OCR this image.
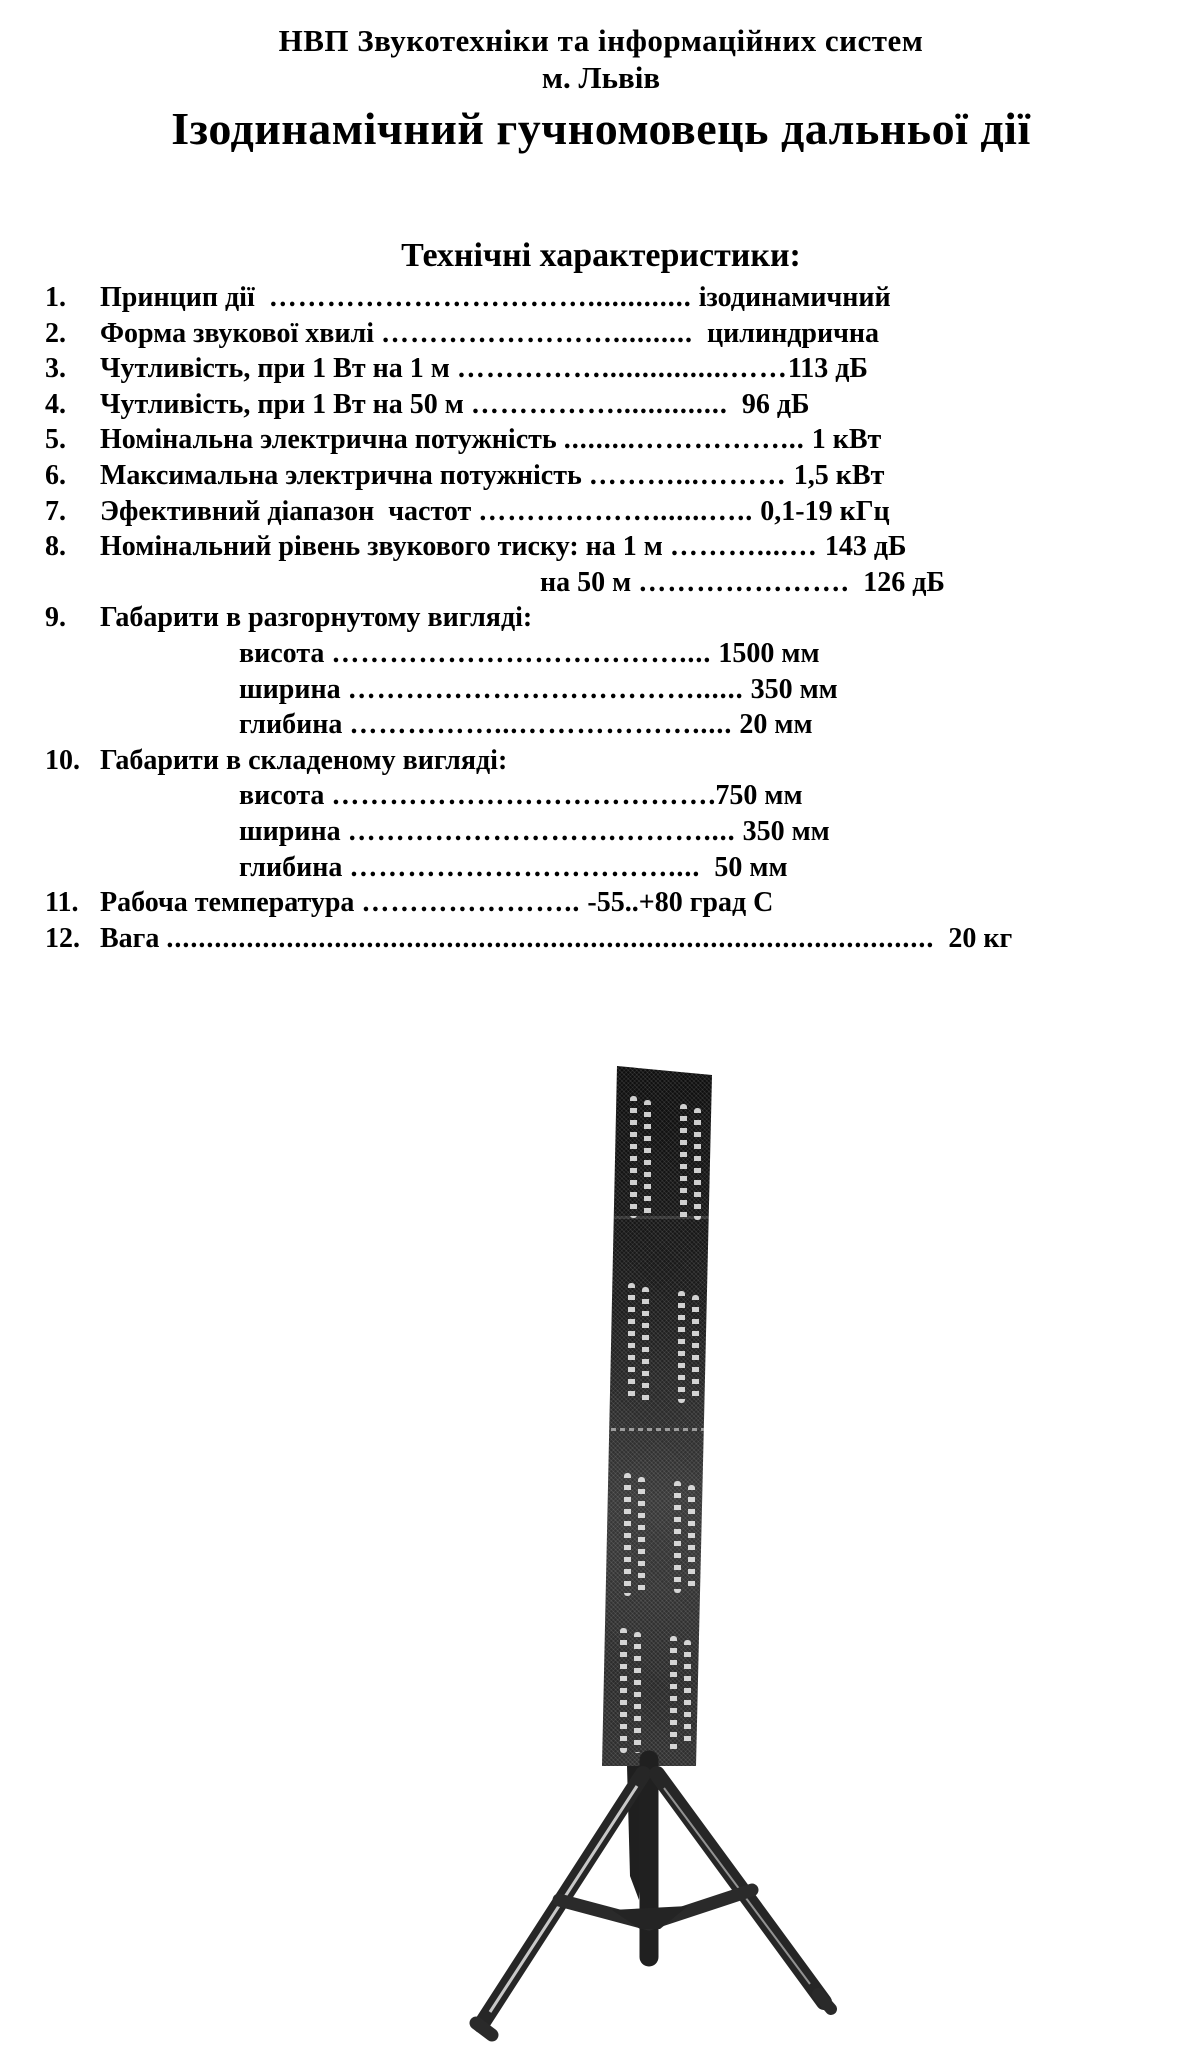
НВП Звукотехніки та інформаційних систем
м. Львів
Ізодинамічний гучномовець дальньої дії
Технічні характеристики:
1.	Принцип дії  ……………………………............. ізодинамичний
2.	Форма звукової хвилі ……………………..........  цилиндрична
3.	Чутливість, при 1 Вт на 1 м ……………................……113 дБ
4.	Чутливість, при 1 Вт на 50 м ……………..............  96 дБ
5.	Номінальна электрична потужність .........……………... 1 кВт
6.	Максимальна электрична потужність ………...……… 1,5 кВт
7.	Эфективний діапазон  частот ……………….......….. 0,1-19 кГц
8.	Номінальний рівень звукового тиску: на 1 м ………....… 143 дБ
на 50 м ………………….  126 дБ
9.	Габарити в разгорнутому вигляді:
висота ……………………………….... 1500 мм
ширина ………………………………...... 350 мм
глибина ……………...………………..... 20 мм
10. Габарити в складеному вигляді:
висота ………………………………….750 мм
ширина ……………………….……….... 350 мм
глибина ……………………………....  50 мм
11. Рабоча температура ………………….. -55..+80 град С
12. Вага ................................................................................................  20 кг
